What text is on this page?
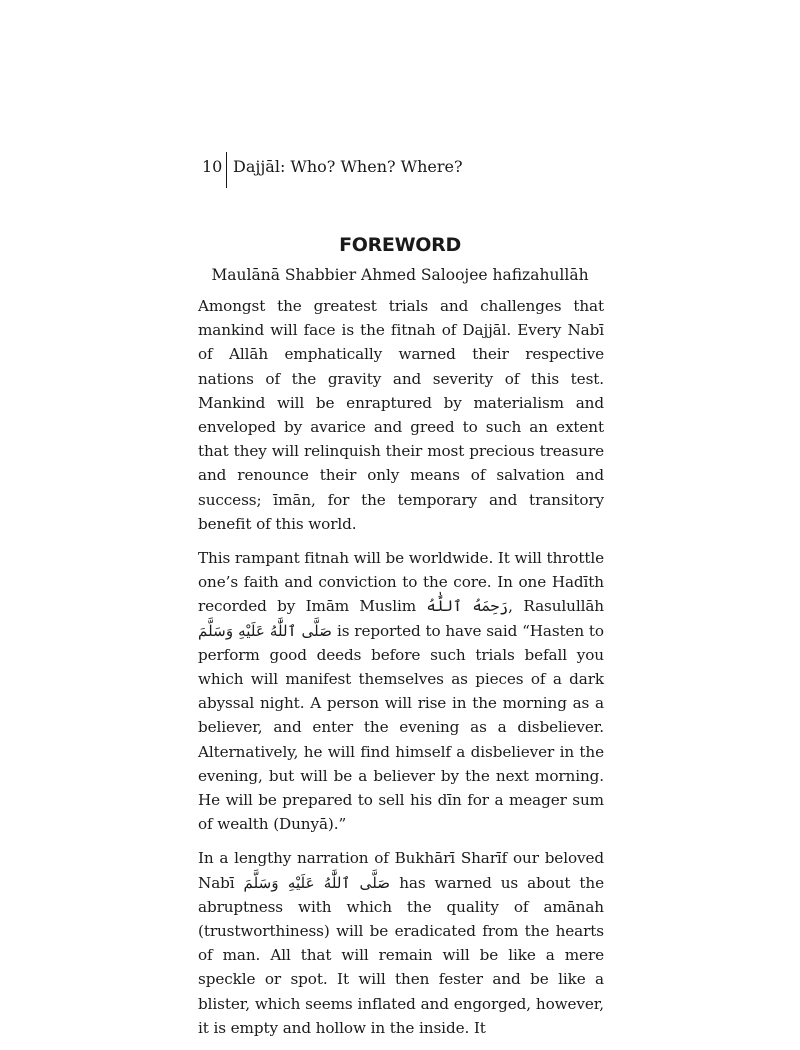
10 Dajjāl: Who? When? Where?
FOREWORD
Maulānā Shabbier Ahmed Saloojee hafizahullāh

Amongst the greatest trials and challenges that mankind will face is the fitnah of Dajjāl. Every Nabī of Allāh emphatically warned their respective nations of the gravity and severity of this test. Mankind will be enraptured by materialism and enveloped by avarice and greed to such an extent that they will relinquish their most precious treasure and renounce their only means of salvation and success; īmān, for the temporary and transitory benefit of this world.

This rampant fitnah will be worldwide. It will throttle one’s faith and conviction to the core. In one Hadīth recorded by Imām Muslim رَحِمَهُ ٱللَّٰهُ, Rasulullāh صَلَّى ٱللَّٰهُ عَلَيْهِ وَسَلَّمَ is reported to have said “Hasten to perform good deeds before such trials befall you which will manifest themselves as pieces of a dark abyssal night. A person will rise in the morning as a believer, and enter the evening as a disbeliever. Alternatively, he will find himself a disbeliever in the evening, but will be a believer by the next morning. He will be prepared to sell his dīn for a meager sum of wealth (Dunyā).”

In a lengthy narration of Bukhārī Sharīf our beloved Nabī صَلَّى ٱللَّٰهُ عَلَيْهِ وَسَلَّمَ has warned us about the abruptness with which the quality of amānah (trustworthiness) will be eradicated from the hearts of man. All that will remain will be like a mere speckle or spot. It will then fester and be like a blister, which seems inflated and engorged, however, it is empty and hollow in the inside. It
